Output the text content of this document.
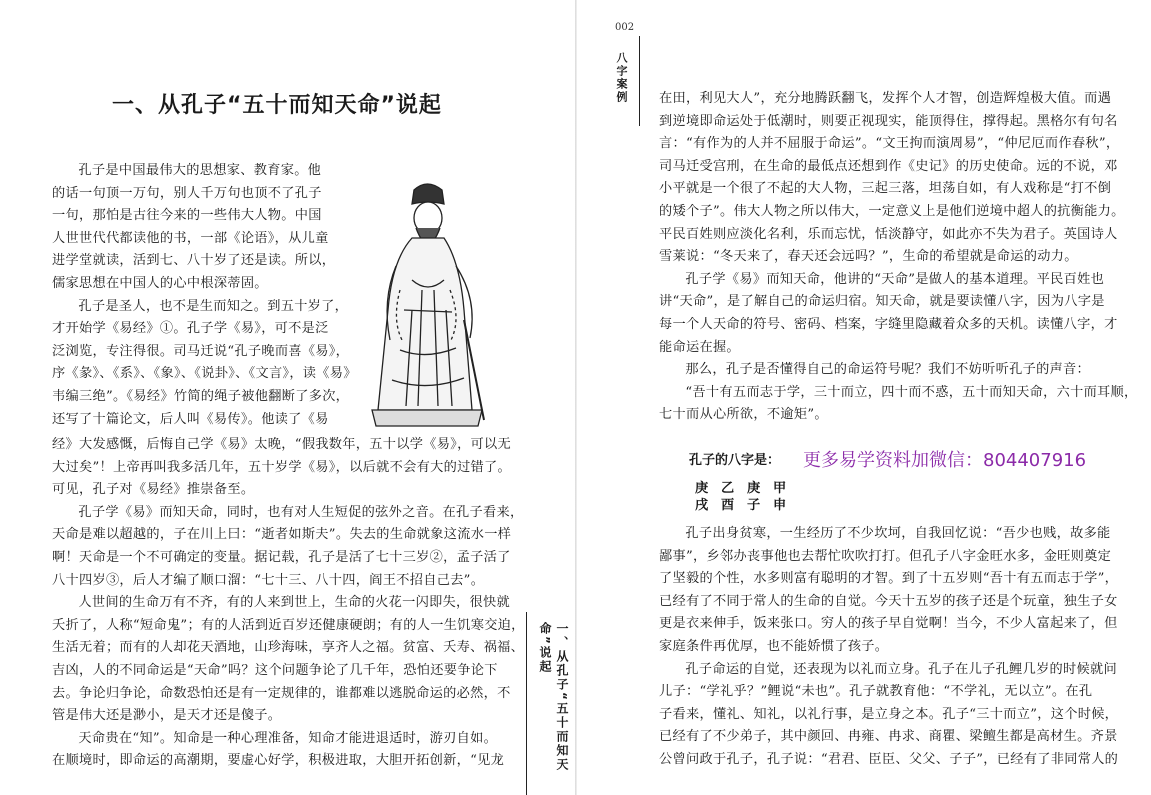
一、从孔子“五十而知天命”说起
孔子是中国最伟大的思想家、教育家。他
的话一句顶一万句，别人千万句也顶不了孔子
一句，那怕是古往今来的一些伟大人物。中国
人世世代代都读他的书，一部《论语》，从儿童
进学堂就读，活到七、八十岁了还是读。所以，
儒家思想在中国人的心中根深蒂固。
孔子是圣人，也不是生而知之。到五十岁了，
才开始学《易经》①。孔子学《易》，可不是泛
泛浏览，专注得很。司马迁说“孔子晚而喜《易》，
序《彖》、《系》、《象》、《说卦》、《文言》，读《易》
韦编三绝”。《易经》竹简的绳子被他翻断了多次，
还写了十篇论文，后人叫《易传》。他读了《易
经》大发感慨，后悔自己学《易》太晚，“假我数年，五十以学《易》，可以无
大过矣”！上帝再叫我多活几年，五十岁学《易》，以后就不会有大的过错了。
可见，孔子对《易经》推崇备至。
孔子学《易》而知天命，同时，也有对人生短促的弦外之音。在孔子看来，
天命是难以超越的，子在川上曰：“逝者如斯夫”。失去的生命就象这流水一样
啊！天命是一个不可确定的变量。据记载，孔子是活了七十三岁②，孟子活了
八十四岁③，后人才编了顺口溜：“七十三、八十四，阎王不招自己去”。
人世间的生命万有不齐，有的人来到世上，生命的火花一闪即失，很快就
夭折了，人称“短命鬼”；有的人活到近百岁还健康硬朗；有的人一生饥寒交迫，
生活无着；而有的人却花天酒地，山珍海味，享齐人之福。贫富、夭寿、祸福、
吉凶，人的不同命运是“天命”吗？这个问题争论了几千年，恐怕还要争论下
去。争论归争论，命数恐怕还是有一定规律的，谁都难以逃脱命运的必然，不
管是伟大还是渺小，是天才还是傻子。
天命贵在“知”。知命是一种心理准备，知命才能进退适时，游刃自如。
在顺境时，即命运的高潮期，要虚心好学，积极进取，大胆开拓创新，“见龙	一、从孔子“五十而知天命”说起
002
八字案例 在田，利见大人”，充分地腾跃翻飞，发挥个人才智，创造辉煌极大值。而遇
到逆境即命运处于低潮时，则要正视现实，能顶得住，撑得起。黑格尔有句名
言：“有作为的人并不屈服于命运”。“文王拘而演周易”，“仲尼厄而作春秋”，
司马迁受宫刑，在生命的最低点还想到作《史记》的历史使命。远的不说，邓
小平就是一个很了不起的大人物，三起三落，坦荡自如，有人戏称是“打不倒
的矮个子”。伟大人物之所以伟大，一定意义上是他们逆境中超人的抗衡能力。
平民百姓则应淡化名利，乐而忘忧，恬淡静守，如此亦不失为君子。英国诗人
雪莱说：“冬天来了，春天还会远吗？”，生命的希望就是命运的动力。
孔子学《易》而知天命，他讲的“天命”是做人的基本道理。平民百姓也
讲“天命”，是了解自己的命运归宿。知天命，就是要读懂八字，因为八字是
每一个人天命的符号、密码、档案，字缝里隐藏着众多的天机。读懂八字，才
能命运在握。
那么，孔子是否懂得自己的命运符号呢？我们不妨听听孔子的声音：
“吾十有五而志于学，三十而立，四十而不惑，五十而知天命，六十而耳顺，
七十而从心所欲，不逾矩”。
孔子的八字是： 更多易学资料加微信：804407916
庚 乙 庚 甲
戌 酉 子 申
孔子出身贫寒，一生经历了不少坎坷，自我回忆说：“吾少也贱，故多能
鄙事”，乡邻办丧事他也去帮忙吹吹打打。但孔子八字金旺水多，金旺则奠定
了坚毅的个性，水多则富有聪明的才智。到了十五岁则“吾十有五而志于学”，
已经有了不同于常人的生命的自觉。今天十五岁的孩子还是个玩童，独生子女
更是衣来伸手，饭来张口。穷人的孩子早自觉啊！当今，不少人富起来了，但
家庭条件再优厚，也不能娇惯了孩子。
孔子命运的自觉，还表现为以礼而立身。孔子在儿子孔鲤几岁的时候就问
儿子：“学礼乎？”鲤说“未也”。孔子就教育他：“不学礼，无以立”。在孔
子看来，懂礼、知礼，以礼行事，是立身之本。孔子“三十而立”，这个时候，
已经有了不少弟子，其中颜回、冉雍、冉求、商瞿、梁鳣生都是高材生。齐景
公曾问政于孔子，孔子说：“君君、臣臣、父父、子子”，已经有了非同常人的
